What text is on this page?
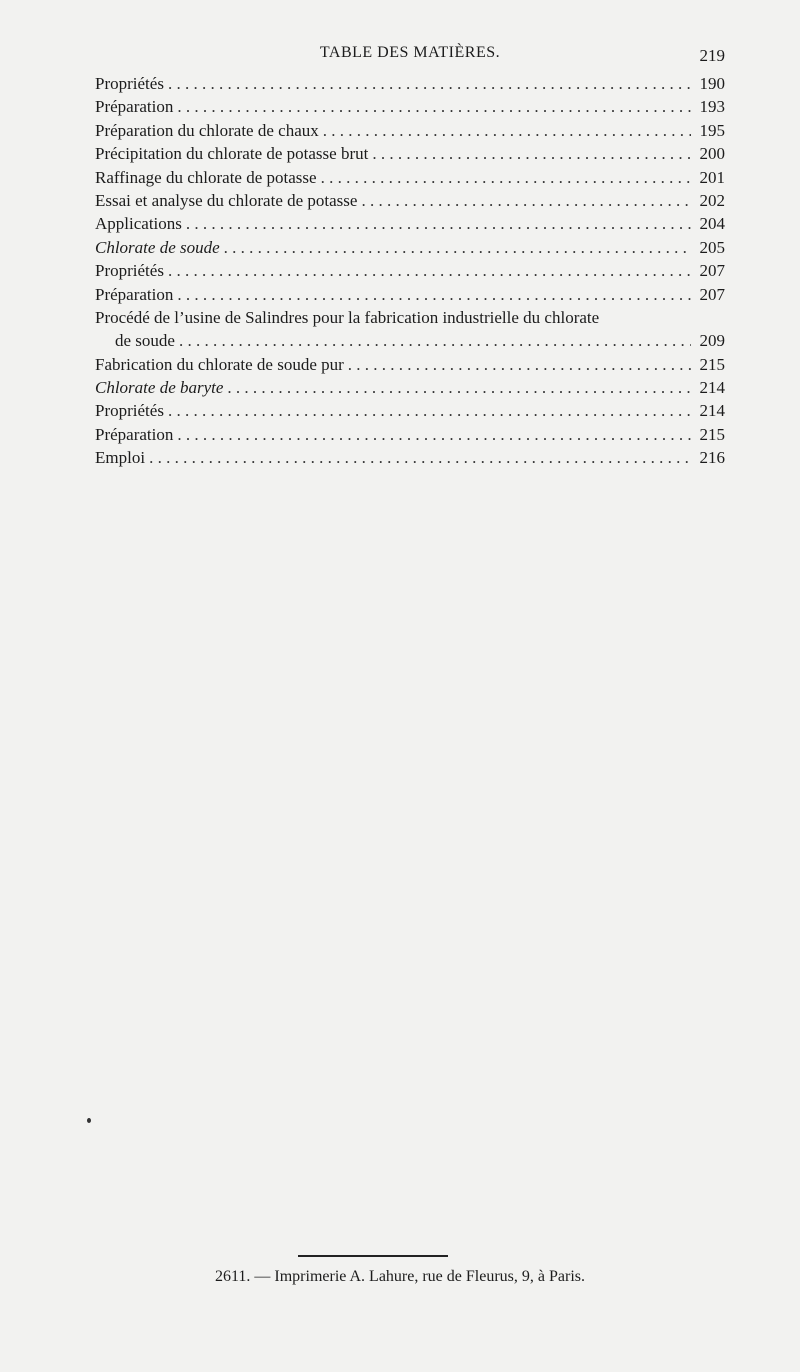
TABLE DES MATIÈRES.	219
Propriétés . . .	190
Préparation . . .	193
Préparation du chlorate de chaux . . .	195
Précipitation du chlorate de potasse brut . . .	200
Raffinage du chlorate de potasse . . .	201
Essai et analyse du chlorate de potasse . . .	202
Applications . . .	204
Chlorate de soude . . .	205
Propriétés . . .	207
Préparation . . .	207
Procédé de l’usine de Salindres pour la fabrication industrielle du chlorate
de soude . . .	209
Fabrication du chlorate de soude pur . . .	215
Chlorate de baryte . . .	214
Propriétés . . .	214
Préparation . . .	215
Emploi . . .	216
2611. — Imprimerie A. Lahure, rue de Fleurus, 9, à Paris.
